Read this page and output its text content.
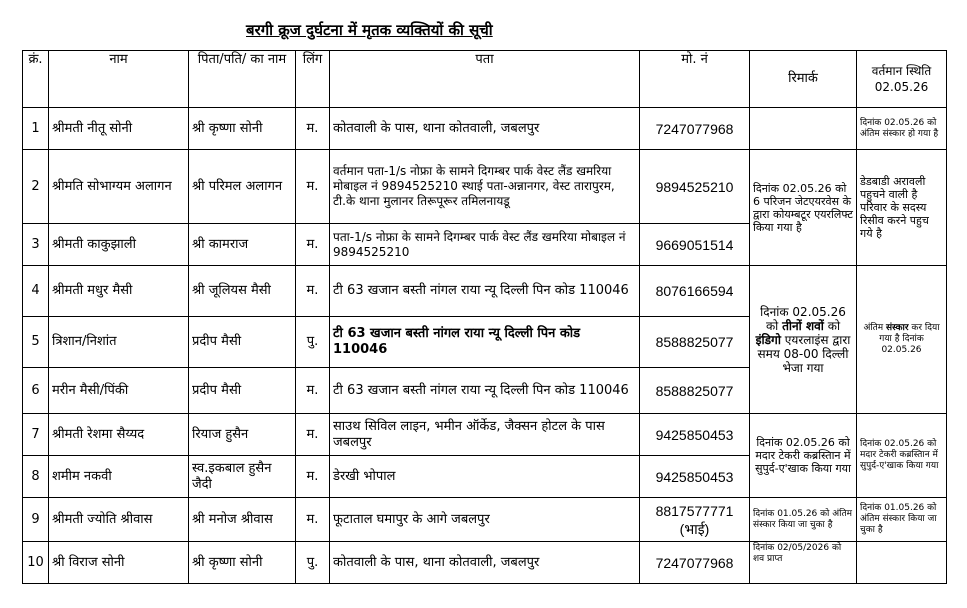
बरगी क्रूज दुर्घटना में मृतक व्यक्तियों की सूची
क्रं.	नाम	पिता/पति/ का नाम	लिंग	पता	मो. नं	रिमार्क	वर्तमान स्थिति 02.05.26
1	श्रीमती नीतू सोनी	श्री कृष्णा सोनी	म.	कोतवाली के पास, थाना कोतवाली, जबलपुर	7247077968		दिनांक 02.05.26 को अंतिम संस्कार हो गया है
2	श्रीमति सोभाग्यम अलागन	श्री परिमल अलागन	म.	वर्तमान पता-1/s नोफ्रा के सामने दिगम्बर पार्क वेस्ट लैंड खमरिया मोबाइल नं 9894525210 स्थाई पता-अन्नानगर, वेस्ट तारापुरम, टी.के थाना मुलानर तिरूपूरूर तमिलनायडू	9894525210	दिनांक 02.05.26 को 6 परिजन जेटएयरवेस के द्वारा कोयम्बटूर एयरलिफ्ट किया गया है	डेडबाडी अरावली पहुचने वाली है परिवार के सदस्य रिसीव करने पहुच गये है
3	श्रीमती काकुझाली	श्री कामराज	म.	पता-1/s नोफ्रा के सामने दिगम्बर पार्क वेस्ट लैंड खमरिया मोबाइल नं 9894525210	9669051514		
4	श्रीमती मधुर मैसी	श्री जूलियस मैसी	म.	टी 63 खजान बस्ती नांगल राया न्यू दिल्ली पिन कोड 110046	8076166594	दिनांक 02.05.26 को तीनों शवों को इंडिगो एयरलाइंस द्वारा समय 08-00 दिल्ली भेजा गया	अंतिम संस्कार कर दिया गया है दिनांक 02.05.26
5	त्रिशान/निशांत	प्रदीप मैसी	पु.	टी 63 खजान बस्ती नांगल राया न्यू दिल्ली पिन कोड 110046	8588825077		
6	मरीन मैसी/पिंकी	प्रदीप मैसी	म.	टी 63 खजान बस्ती नांगल राया न्यू दिल्ली पिन कोड 110046	8588825077		
7	श्रीमती रेशमा सैय्यद	रियाज हुसैन	म.	साउथ सिविल लाइन, भमीन ऑर्केड, जैक्सन होटल के पास जबलपुर	9425850453	दिनांक 02.05.26 को मदार टेकरी कब्रस्तिान में सुपुर्द-ए'खाक किया गया	दिनांक 02.05.26 को मदार टेकरी कब्रस्तिान में सुपुर्द-ए'खाक किया गया
8	शमीम नकवी	स्व.इकबाल हुसैन जैदी	म.	डेरखी भोपाल	9425850453		
9	श्रीमती ज्योति श्रीवास	श्री मनोज श्रीवास	म.	फूटाताल घमापुर के आगे जबलपुर	8817577771 (भाई)	दिनांक 01.05.26 को अंतिम संस्कार किया जा चुका है	दिनांक 01.05.26 को अंतिम संस्कार किया जा चुका है
10	श्री विराज सोनी	श्री कृष्णा सोनी	पु.	कोतवाली के पास, थाना कोतवाली, जबलपुर	7247077968	दिनांक 02/05/2026 को शव प्राप्त	
